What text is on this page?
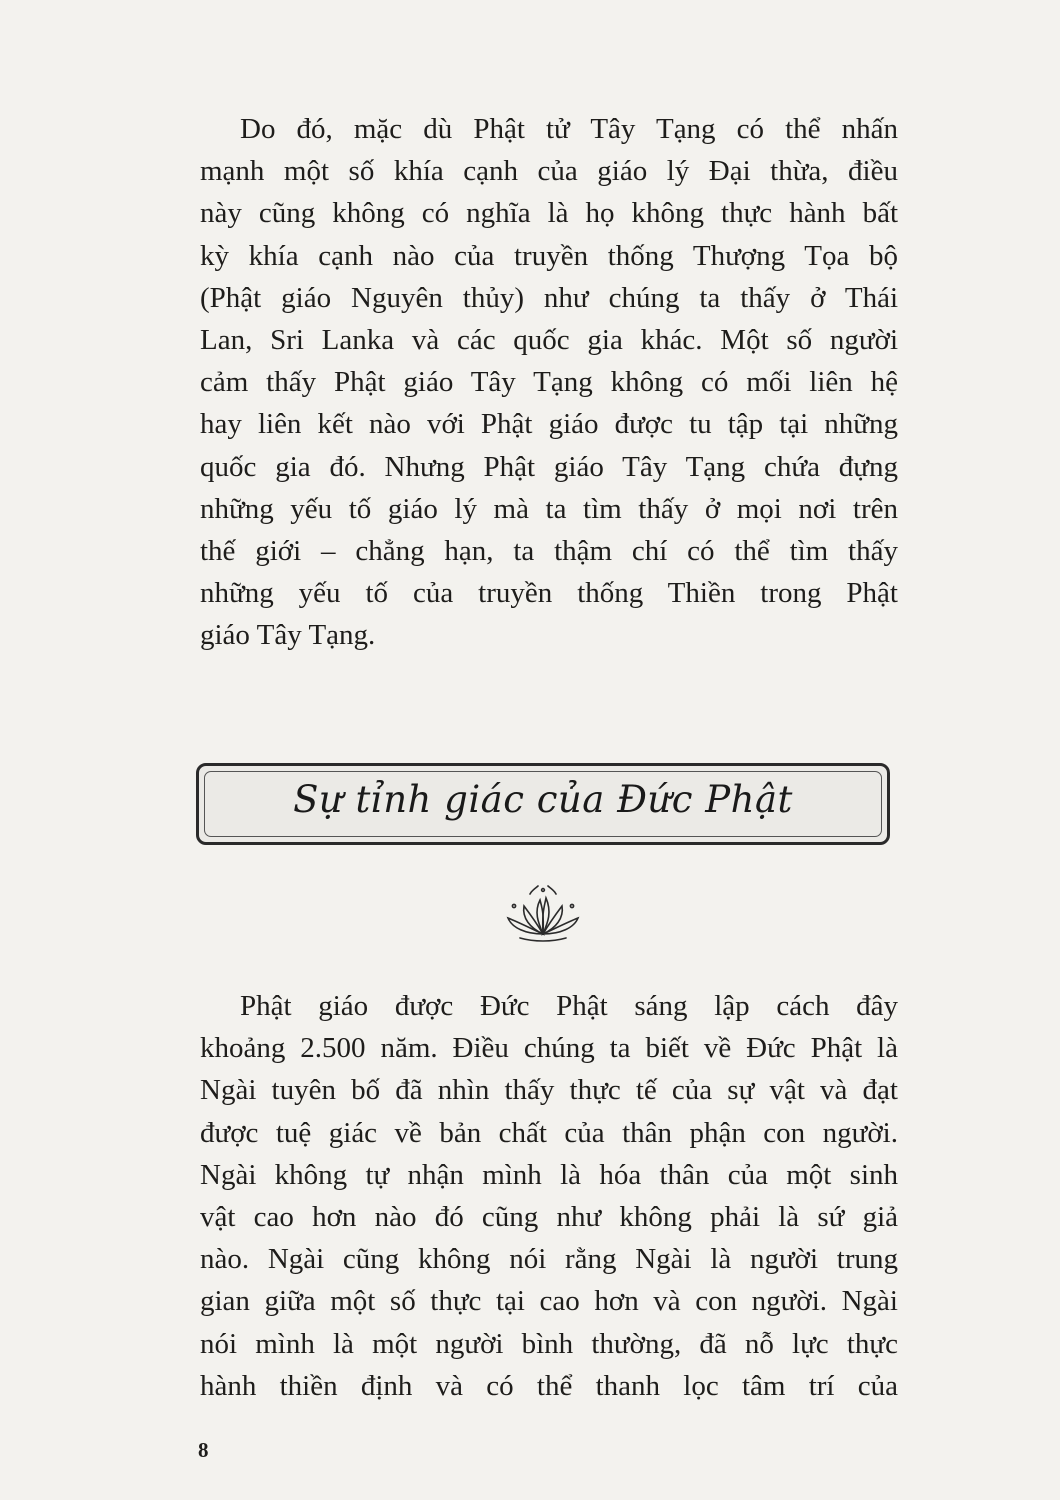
Do đó, mặc dù Phật tử Tây Tạng có thể nhấn
mạnh một số khía cạnh của giáo lý Đại thừa, điều
này cũng không có nghĩa là họ không thực hành bất
kỳ khía cạnh nào của truyền thống Thượng Tọa bộ
(Phật giáo Nguyên thủy) như chúng ta thấy ở Thái
Lan, Sri Lanka và các quốc gia khác. Một số người
cảm thấy Phật giáo Tây Tạng không có mối liên hệ
hay liên kết nào với Phật giáo được tu tập tại những
quốc gia đó. Nhưng Phật giáo Tây Tạng chứa đựng
những yếu tố giáo lý mà ta tìm thấy ở mọi nơi trên
thế giới – chẳng hạn, ta thậm chí có thể tìm thấy
những yếu tố của truyền thống Thiền trong Phật
giáo Tây Tạng.
Sự tỉnh giác của Đức Phật
Phật giáo được Đức Phật sáng lập cách đây
khoảng 2.500 năm. Điều chúng ta biết về Đức Phật là
Ngài tuyên bố đã nhìn thấy thực tế của sự vật và đạt
được tuệ giác về bản chất của thân phận con người.
Ngài không tự nhận mình là hóa thân của một sinh
vật cao hơn nào đó cũng như không phải là sứ giả
nào. Ngài cũng không nói rằng Ngài là người trung
gian giữa một số thực tại cao hơn và con người. Ngài
nói mình là một người bình thường, đã nỗ lực thực
hành thiền định và có thể thanh lọc tâm trí của
8
